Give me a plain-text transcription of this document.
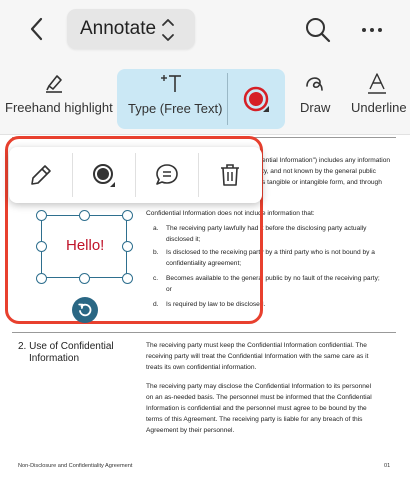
Annotate
Freehand highlight Type (Free Text)	Draw Underline
ential Information") includes any information
ty, and not known by the general public
s tangible or intangible form, and through
Confidential Information does not include information that:
a. The receiving party lawfully had it before the disclosing party actually
disclosed it;
b. Is disclosed to the receiving party by a third party who is not bound by a
confidentiality agreement;
c. Becomes available to the general public by no fault of the receiving party;
or
d. Is required by law to be disclosed.
2. Use of Confidential
Information
The receiving party must keep the Confidential Information confidential. The
receiving party will treat the Confidential Information with the same care as it
treats its own confidential information.
The receiving party may disclose the Confidential Information to its personnel
on an as-needed basis. The personnel must be informed that the Confidential
Information is confidential and the personnel must agree to be bound by the
terms of this Agreement. The receiving party is liable for any breach of this
Agreement by their personnel.
Non-Disclosure and Confidentiality Agreement	01
Hello!
